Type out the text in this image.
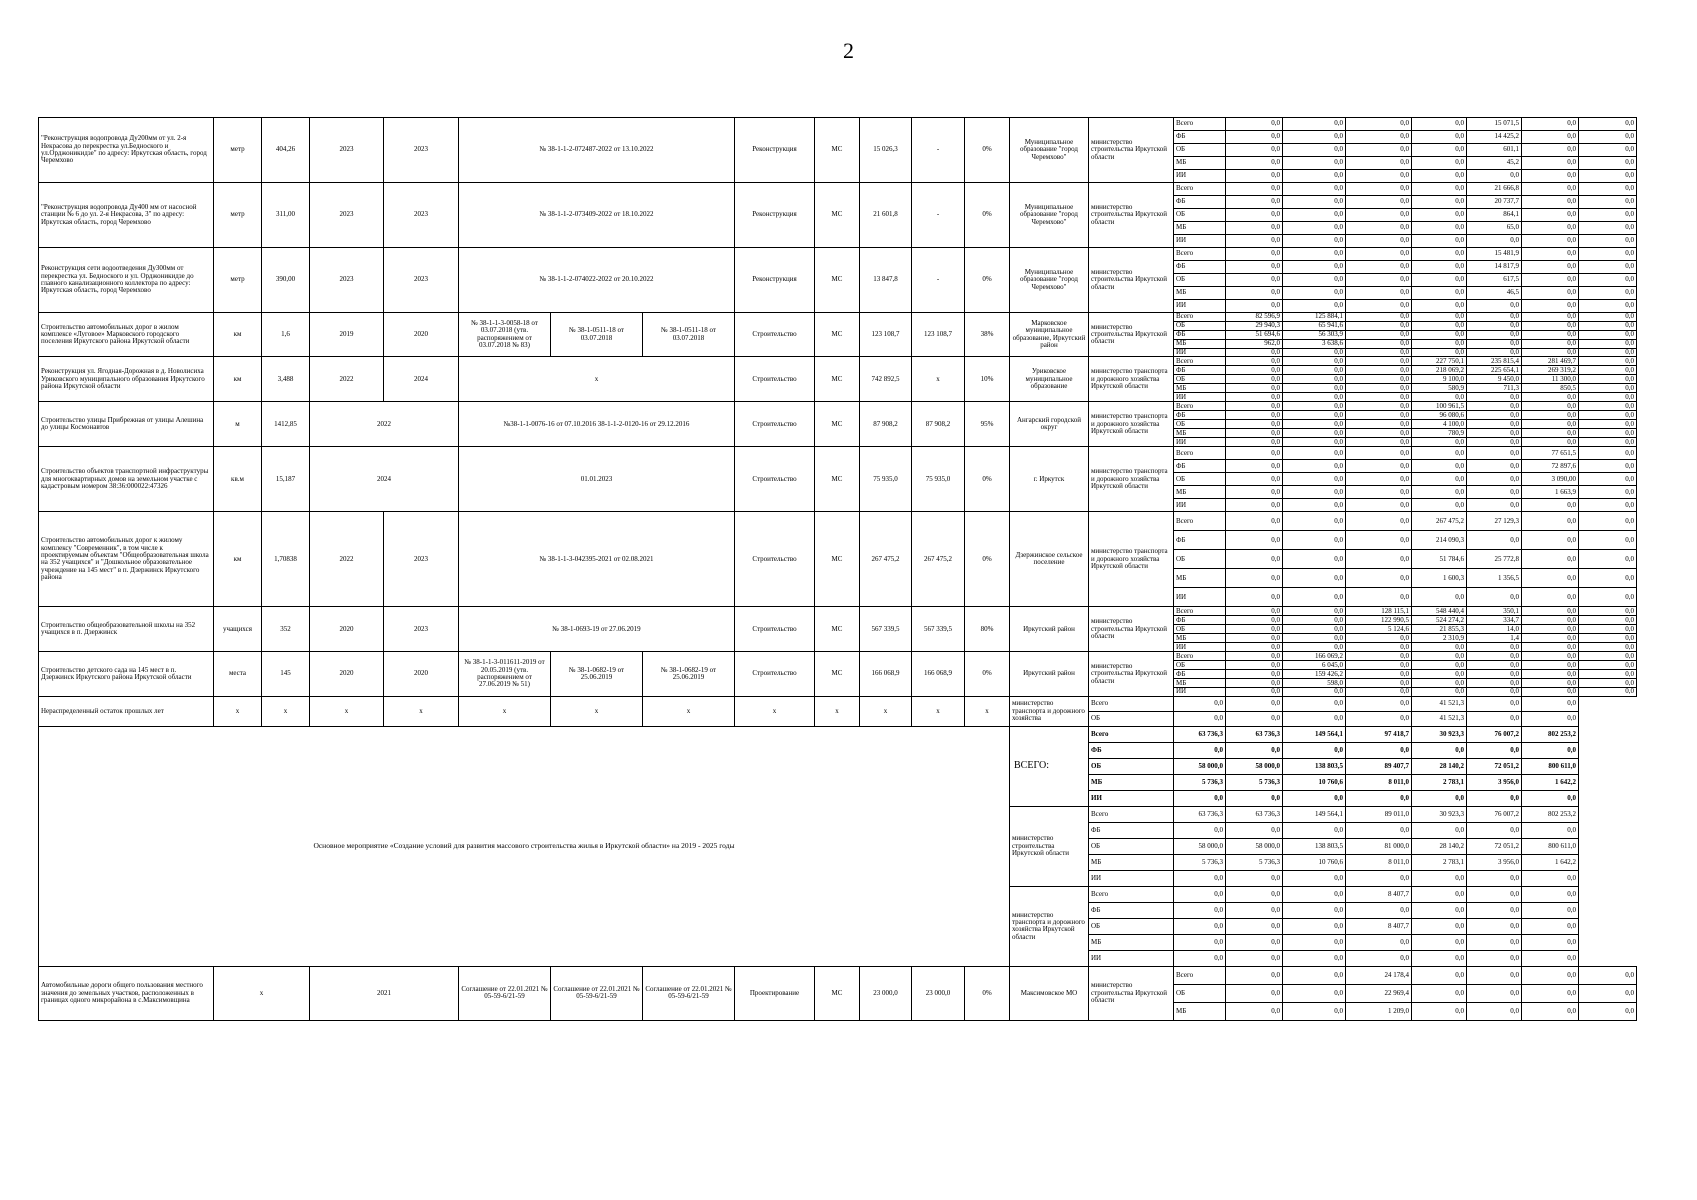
2
"Реконструкция водопровода Ду200мм от ул. 2-я Некрасова до перекрестка ул.Бедноского и ул.Орджоникидзе" по адресу: Иркутская область, город Черемхово	метр	404,26	2023	2023	№ 38-1-1-2-072487-2022 от 13.10.2022			Реконструкция	МС	15 026,3	-	0%	Муниципальное образование "город Черемхово"	министерство строительства Иркутской области	Всего	0,0	0,0	0,0	0,0	15 071,5	0,0	0,0
															ФБ	0,0	0,0	0,0	0,0	14 425,2	0,0	0,0
															ОБ	0,0	0,0	0,0	0,0	601,1	0,0	0,0
															МБ	0,0	0,0	0,0	0,0	45,2	0,0	0,0
															ИИ	0,0	0,0	0,0	0,0	0,0	0,0	0,0
"Реконструкция водопровода Ду400 мм от насосной станции № 6 до ул. 2-я Некрасова, 3" по адресу: Иркутская область, город Черемхово	метр	311,00	2023	2023	№ 38-1-1-2-073409-2022 от 18.10.2022			Реконструкция	МС	21 601,8	-	0%	Муниципальное образование "город Черемхово"	министерство строительства Иркутской области	Всего	0,0	0,0	0,0	0,0	21 666,8	0,0	0,0
															ФБ	0,0	0,0	0,0	0,0	20 737,7	0,0	0,0
															ОБ	0,0	0,0	0,0	0,0	864,1	0,0	0,0
															МБ	0,0	0,0	0,0	0,0	65,0	0,0	0,0
															ИИ	0,0	0,0	0,0	0,0	0,0	0,0	0,0
Реконструкция сети водоотведения Ду300мм от перекрестка ул. Бедноского и ул. Орджоникидзе до главного канализационного коллектора по адресу: Иркутская область, город Черемхово	метр	390,00	2023	2023	№ 38-1-1-2-074022-2022 от 20.10.2022			Реконструкция	МС	13 847,8	-	0%	Муниципальное образование "город Черемхово"	министерство строительства Иркутской области	Всего	0,0	0,0	0,0	0,0	15 481,9	0,0	0,0
															ФБ	0,0	0,0	0,0	0,0	14 817,9	0,0	0,0
															ОБ	0,0	0,0	0,0	0,0	617,5	0,0	0,0
															МБ	0,0	0,0	0,0	0,0	46,5	0,0	0,0
															ИИ	0,0	0,0	0,0	0,0	0,0	0,0	0,0
Строительство автомобильных дорог в жилом комплексе «Луговое» Марковского городского поселения Иркутского района Иркутской области	км	1,6	2019	2020	№ 38-1-1-3-0058-18 от 03.07.2018 (утв. распоряжением от 03.07.2018 № 83)	№ 38-1-0511-18 от 03.07.2018	№ 38-1-0511-18 от 03.07.2018	Строительство	МС	123 108,7	123 108,7	38%	Марковское муниципальное образование, Иркутский район	министерство строительства Иркутской области	Всего	82 596,9	125 884,1	0,0	0,0	0,0	0,0	0,0
															ОБ	29 940,3	65 941,6	0,0	0,0	0,0	0,0	0,0
															ФБ	51 694,6	56 303,9	0,0	0,0	0,0	0,0	0,0
															МБ	962,0	3 638,6	0,0	0,0	0,0	0,0	0,0
															ИИ	0,0	0,0	0,0	0,0	0,0	0,0	0,0
Реконструкция ул. Ягодная-Дорожная в д. Новолисиха Уриковского муниципального образования Иркутского района Иркутской области	км	3,488	2022	2024	х			Строительство	МС	742 892,5	х	10%	Уриковское муниципальное образование	министерство транспорта и дорожного хозяйства Иркутской области	Всего	0,0	0,0	0,0	227 750,1	235 815,4	281 469,7	0,0
															ФБ	0,0	0,0	0,0	218 069,2	225 654,1	269 319,2	0,0
															ОБ	0,0	0,0	0,0	9 100,0	9 450,0	11 300,0	0,0
															МБ	0,0	0,0	0,0	580,9	711,3	850,5	0,0
															ИИ	0,0	0,0	0,0	0,0	0,0	0,0	0,0
Строительство улицы Прибрежная от улицы Алешина до улицы Космонавтов	м	1412,85	2022		№38-1-1-0076-16 от 07.10.2016 38-1-1-2-0120-16 от 29.12.2016			Строительство	МС	87 908,2	87 908,2	95%	Ангарский городской округ	министерство транспорта и дорожного хозяйства Иркутской области	Всего	0,0	0,0	0,0	100 961,5	0,0	0,0	0,0
															ФБ	0,0	0,0	0,0	96 080,6	0,0	0,0	0,0
															ОБ	0,0	0,0	0,0	4 100,0	0,0	0,0	0,0
															МБ	0,0	0,0	0,0	780,9	0,0	0,0	0,0
															ИИ	0,0	0,0	0,0	0,0	0,0	0,0	0,0
Строительство объектов транспортной инфраструктуры для многоквартирных домов на земельном участке с кадастровым номером 38:36:000022:47326	кв.м	15,187	2024		01.01.2023			Строительство	МС	75 935,0	75 935,0	0%	г. Иркутск	министерство транспорта и дорожного хозяйства Иркутской области	Всего	0,0	0,0	0,0	0,0	0,0	77 651,5	0,0
															ФБ	0,0	0,0	0,0	0,0	0,0	72 897,6	0,0
															ОБ	0,0	0,0	0,0	0,0	0,0	3 090,00	0,0
															МБ	0,0	0,0	0,0	0,0	0,0	1 663,9	0,0
															ИИ	0,0	0,0	0,0	0,0	0,0	0,0	0,0
Строительство автомобильных дорог к жилому комплексу "Современник", в том числе к проектируемым объектам "Общеобразовательная школа на 352 учащихся" и "Дошкольное образовательное учреждение на 145 мест" в п. Дзержинск Иркутского района	км	1,70838	2022	2023	№ 38-1-1-3-042395-2021 от 02.08.2021			Строительство	МС	267 475,2	267 475,2	0%	Дзержинское сельское поселение	министерство транспорта и дорожного хозяйства Иркутской области	Всего	0,0	0,0	0,0	267 475,2	27 129,3	0,0	0,0
															ФБ	0,0	0,0	0,0	214 090,3	0,0	0,0	0,0
															ОБ	0,0	0,0	0,0	51 784,6	25 772,8	0,0	0,0
															МБ	0,0	0,0	0,0	1 600,3	1 356,5	0,0	0,0
															ИИ	0,0	0,0	0,0	0,0	0,0	0,0	0,0
Строительство общеобразовательной школы на 352 учащихся в п. Дзержинск	учащихся	352	2020	2023	№ 38-1-0693-19 от 27.06.2019			Строительство	МС	567 339,5	567 339,5	80%	Иркутский район	министерство строительства Иркутской области	Всего	0,0	0,0	128 115,1	548 440,4	350,1	0,0	0,0
															ФБ	0,0	0,0	122 990,5	524 274,2	334,7	0,0	0,0
															ОБ	0,0	0,0	5 124,6	21 855,3	14,0	0,0	0,0
															МБ	0,0	0,0	0,0	2 310,9	1,4	0,0	0,0
															ИИ	0,0	0,0	0,0	0,0	0,0	0,0	0,0
Строительство детского сада на 145 мест в п. Дзержинск Иркутского района Иркутской области	места	145	2020	2020	№ 38-1-1-3-011611-2019 от 20.05.2019 (утв. распоряжением от 27.06.2019 № 51)	№ 38-1-0682-19 от 25.06.2019	№ 38-1-0682-19 от 25.06.2019	Строительство	МС	166 068,9	166 068,9	0%	Иркутский район	министерство строительства Иркутской области	Всего	0,0	166 069,2	0,0	0,0	0,0	0,0	0,0
															ОБ	0,0	6 045,0	0,0	0,0	0,0	0,0	0,0
															ФБ	0,0	159 426,2	0,0	0,0	0,0	0,0	0,0
															МБ	0,0	598,0	0,0	0,0	0,0	0,0	0,0
															ИИ	0,0	0,0	0,0	0,0	0,0	0,0	0,0
Нераспределенный остаток прошлых лет	х	х	х	х	х	х	х	х	х	х	х	х	министерство транспорта и дорожного хозяйства	Всего	0,0	0,0	0,0	0,0	41 521,3	0,0	0,0	
														ОБ	0,0	0,0	0,0	0,0	41 521,3	0,0	0,0	
Основное мероприятие «Создание условий для развития массового строительства жилья в Иркутской области» на 2019 - 2025 годы													ВСЕГО:	Всего	63 736,3	63 736,3	149 564,1	97 418,7	30 923,3	76 007,2	802 253,2	
														ФБ	0,0	0,0	0,0	0,0	0,0	0,0	0,0	
														ОБ	58 000,0	58 000,0	138 803,5	89 407,7	28 140,2	72 051,2	800 611,0	
														МБ	5 736,3	5 736,3	10 760,6	8 011,0	2 783,1	3 956,0	1 642,2	
														ИИ	0,0	0,0	0,0	0,0	0,0	0,0	0,0	
													министерство строительства Иркутской области	Всего	63 736,3	63 736,3	149 564,1	89 011,0	30 923,3	76 007,2	802 253,2	
														ФБ	0,0	0,0	0,0	0,0	0,0	0,0	0,0	
														ОБ	58 000,0	58 000,0	138 803,5	81 000,0	28 140,2	72 051,2	800 611,0	
														МБ	5 736,3	5 736,3	10 760,6	8 011,0	2 783,1	3 956,0	1 642,2	
														ИИ	0,0	0,0	0,0	0,0	0,0	0,0	0,0	
													министерство транспорта и дорожного хозяйства Иркутской области	Всего	0,0	0,0	0,0	8 407,7	0,0	0,0	0,0	
														ФБ	0,0	0,0	0,0	0,0	0,0	0,0	0,0	
														ОБ	0,0	0,0	0,0	8 407,7	0,0	0,0	0,0	
														МБ	0,0	0,0	0,0	0,0	0,0	0,0	0,0	
														ИИ	0,0	0,0	0,0	0,0	0,0	0,0	0,0	
Автомобильные дороги общего пользования местного значения до земельных участков, расположенных в границах одного микрорайона в с.Максимовщина	х		2021		Соглашение от 22.01.2021 № 05-59-6/21-59	Соглашение от 22.01.2021 № 05-59-6/21-59	Соглашение от 22.01.2021 № 05-59-6/21-59	Проектирование	МС	23 000,0	23 000,0	0%	Максимовское МО	министерство строительства Иркутской области	Всего	0,0	0,0	24 178,4	0,0	0,0	0,0	0,0
															ОБ	0,0	0,0	22 969,4	0,0	0,0	0,0	0,0
															МБ	0,0	0,0	1 209,0	0,0	0,0	0,0	0,0
